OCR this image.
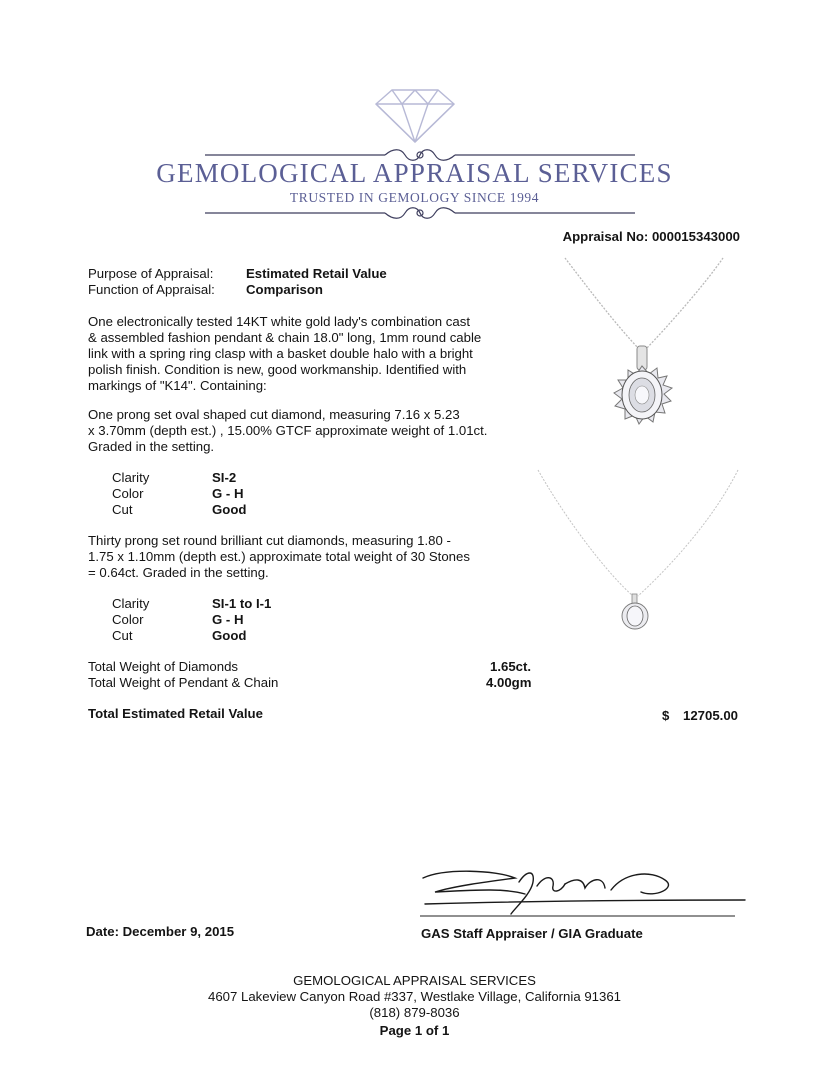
GEMOLOGICAL APPRAISAL SERVICES
TRUSTED IN GEMOLOGY SINCE 1994
Appraisal No: 000015343000
Purpose of Appraisal: Estimated Retail Value
Function of Appraisal: Comparison
One electronically tested 14KT white gold lady's combination cast
& assembled fashion pendant & chain 18.0" long, 1mm round cable
link with a spring ring clasp with a basket double halo with a bright
polish finish. Condition is new, good workmanship. Identified with
markings of "K14". Containing:
One prong set oval shaped cut diamond, measuring 7.16 x 5.23
x 3.70mm (depth est.) , 15.00% GTCF approximate weight of 1.01ct.
Graded in the setting.
Clarity	SI-2
Color	G - H
Cut	Good
Thirty prong set round brilliant cut diamonds, measuring 1.80 -
1.75 x 1.10mm (depth est.) approximate total weight of 30 Stones
= 0.64ct. Graded in the setting.
Clarity	SI-1 to I-1
Color	G - H
Cut	Good
Total Weight of Diamonds	1.65ct.
Total Weight of Pendant & Chain	4.00gm
Total Estimated Retail Value	$	12705.00
Date: December 9, 2015	GAS Staff Appraiser / GIA Graduate
GEMOLOGICAL APPRAISAL SERVICES
4607 Lakeview Canyon Road #337, Westlake Village, California 91361
(818) 879-8036
Page 1 of 1
